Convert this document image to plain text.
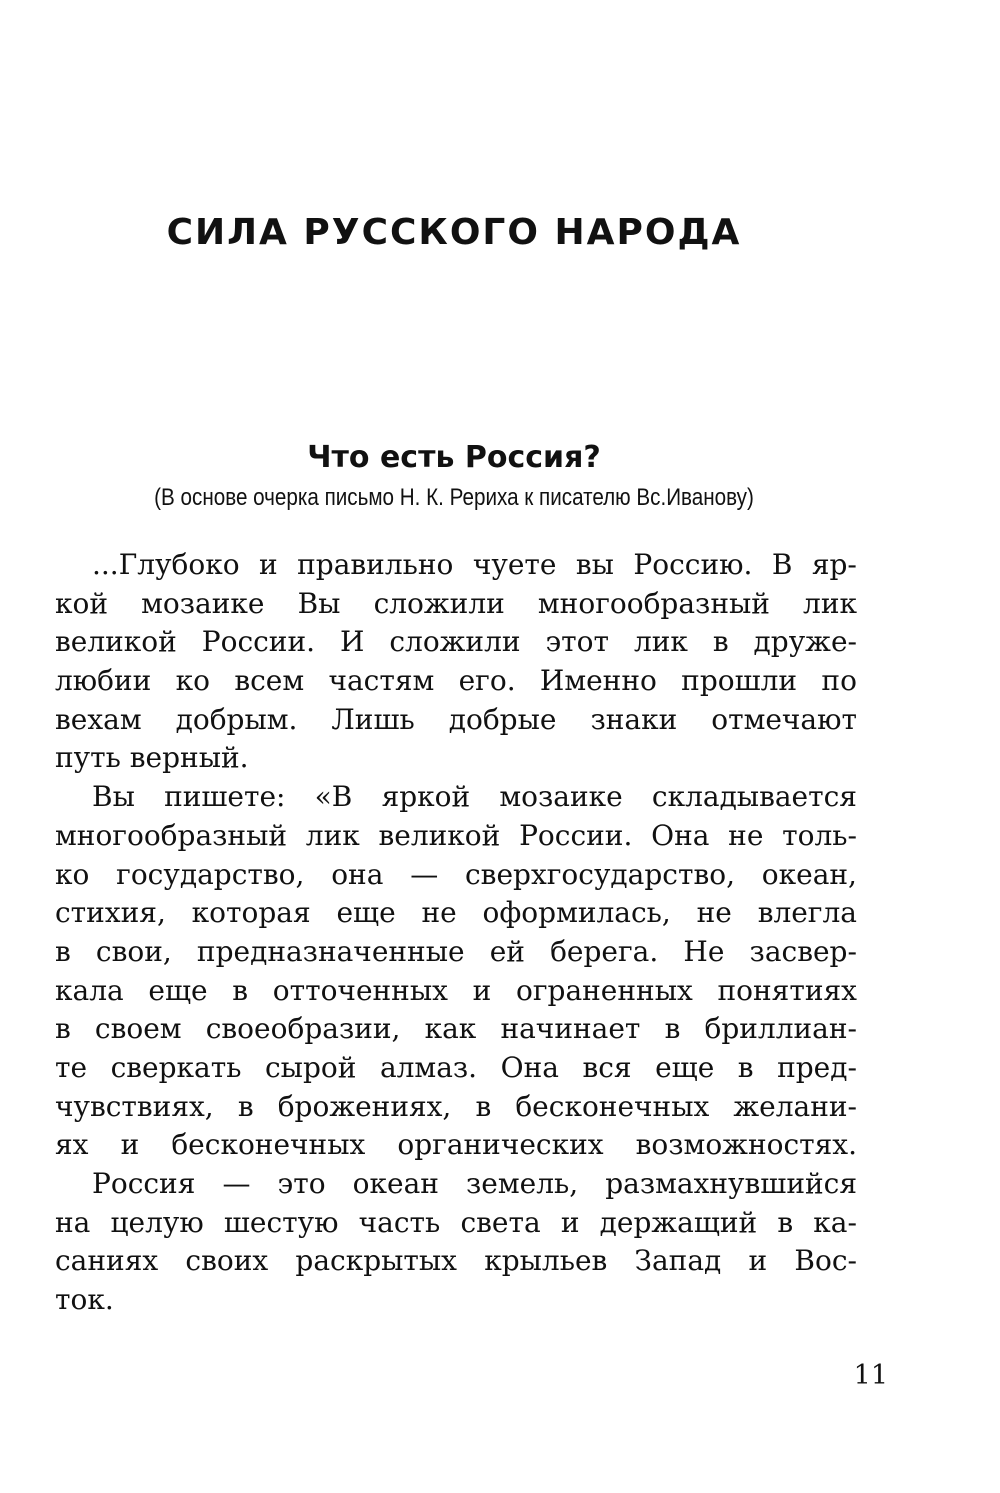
СИЛА РУССКОГО НАРОДА
Что есть Россия?

(В основе очерка письмо Н. К. Рериха к писателю Вс.Иванову)

...Глубоко и правильно чуете вы Россию. В яр-
кой мозаике Вы сложили многообразный лик
великой России. И сложили этот лик в друже-
любии ко всем частям его. Именно прошли по
вехам добрым. Лишь добрые знаки отмечают
путь верный.
Вы пишете: «В яркой мозаике складывается
многообразный лик великой России. Она не толь-
ко государство, она — сверхгосударство, океан,
стихия, которая еще не оформилась, не влегла
в свои, предназначенные ей берега. Не засвер-
кала еще в отточенных и ограненных понятиях
в своем своеобразии, как начинает в бриллиан-
те сверкать сырой алмаз. Она вся еще в пред-
чувствиях, в брожениях, в бесконечных желани-
ях и бесконечных органических возможностях.
Россия — это океан земель, размахнувшийся
на целую шестую часть света и держащий в ка-
саниях своих раскрытых крыльев Запад и Вос-
ток.
11
